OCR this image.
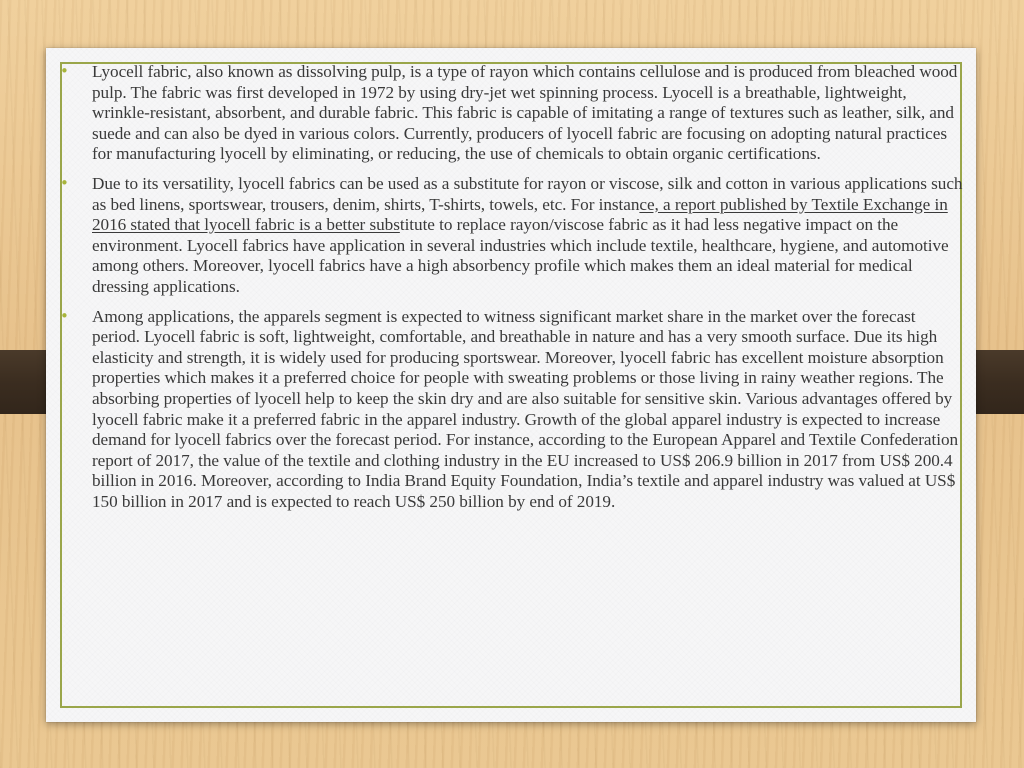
• Lyocell fabric, also known as dissolving pulp, is a type of rayon which contains cellulose and is produced from bleached wood pulp. The fabric was first developed in 1972 by using dry-jet wet spinning process. Lyocell is a breathable, lightweight, wrinkle-resistant, absorbent, and durable fabric. This fabric is capable of imitating a range of textures such as leather, silk, and suede and can also be dyed in various colors. Currently, producers of lyocell fabric are focusing on adopting natural practices for manufacturing lyocell by eliminating, or reducing, the use of chemicals to obtain organic certifications.
• Due to its versatility, lyocell fabrics can be used as a substitute for rayon or viscose, silk and cotton in various applications such as bed linens, sportswear, trousers, denim, shirts, T-shirts, towels, etc. For instance, a report published by Textile Exchange in 2016 stated that lyocell fabric is a better substitute to replace rayon/viscose fabric as it had less negative impact on the environment. Lyocell fabrics have application in several industries which include textile, healthcare, hygiene, and automotive among others. Moreover, lyocell fabrics have a high absorbency profile which makes them an ideal material for medical dressing applications.
• Among applications, the apparels segment is expected to witness significant market share in the market over the forecast period. Lyocell fabric is soft, lightweight, comfortable, and breathable in nature and has a very smooth surface. Due its high elasticity and strength, it is widely used for producing sportswear. Moreover, lyocell fabric has excellent moisture absorption properties which makes it a preferred choice for people with sweating problems or those living in rainy weather regions. The absorbing properties of lyocell help to keep the skin dry and are also suitable for sensitive skin. Various advantages offered by lyocell fabric make it a preferred fabric in the apparel industry. Growth of the global apparel industry is expected to increase demand for lyocell fabrics over the forecast period. For instance, according to the European Apparel and Textile Confederation report of 2017, the value of the textile and clothing industry in the EU increased to US$ 206.9 billion in 2017 from US$ 200.4 billion in 2016. Moreover, according to India Brand Equity Foundation, India’s textile and apparel industry was valued at US$ 150 billion in 2017 and is expected to reach US$ 250 billion by end of 2019.
